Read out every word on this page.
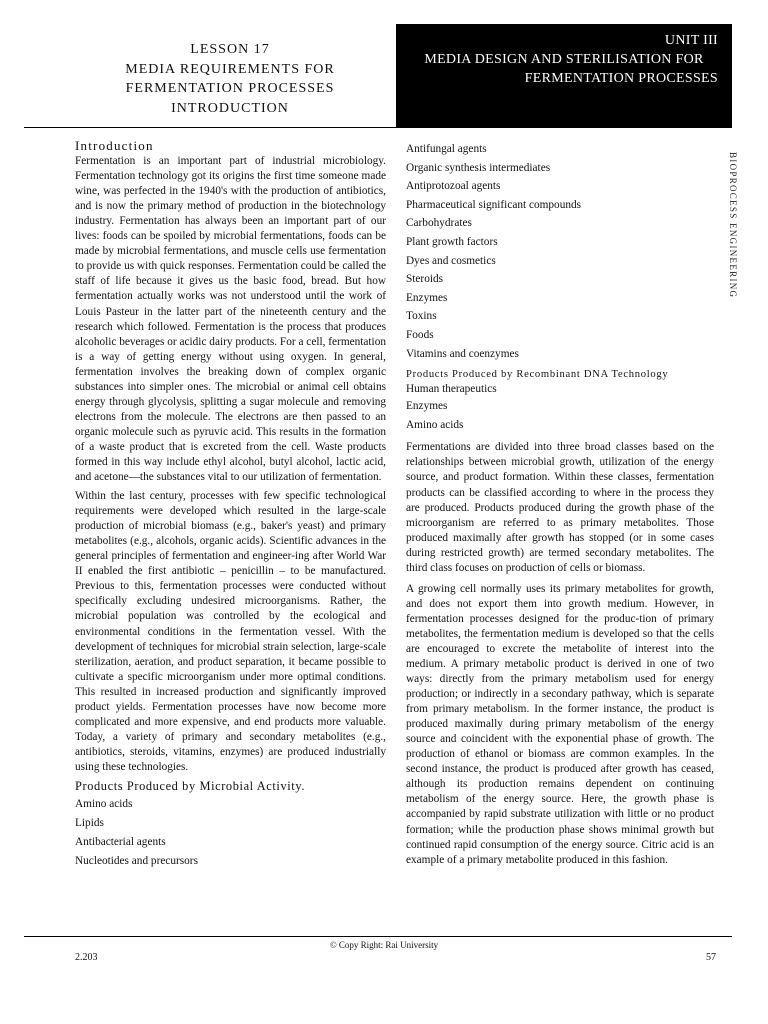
LESSON 17
MEDIA REQUIREMENTS FOR
FERMENTATION PROCESSES
INTRODUCTION
UNIT III
MEDIA DESIGN AND STERILISATION FOR
FERMENTATION PROCESSES
BIOPROCESS ENGINEERING
Introduction

Fermentation is an important part of industrial microbiology. Fermentation technology got its origins the first time someone made wine, was perfected in the 1940's with the production of antibiotics, and is now the primary method of production in the biotechnology industry. Fermentation has always been an important part of our lives: foods can be spoiled by microbial fermentations, foods can be made by microbial fermentations, and muscle cells use fermentation to provide us with quick responses. Fermentation could be called the staff of life because it gives us the basic food, bread. But how fermentation actually works was not understood until the work of Louis Pasteur in the latter part of the nineteenth century and the research which followed. Fermentation is the process that produces alcoholic beverages or acidic dairy products. For a cell, fermentation is a way of getting energy without using oxygen. In general, fermentation involves the breaking down of complex organic substances into simpler ones. The microbial or animal cell obtains energy through glycolysis, splitting a sugar molecule and removing electrons from the molecule. The electrons are then passed to an organic molecule such as pyruvic acid. This results in the formation of a waste product that is excreted from the cell. Waste products formed in this way include ethyl alcohol, butyl alcohol, lactic acid, and acetone—the substances vital to our utilization of fermentation.

Within the last century, processes with few specific technological requirements were developed which resulted in the large-scale production of microbial biomass (e.g., baker's yeast) and primary metabolites (e.g., alcohols, organic acids). Scientific advances in the general principles of fermentation and engineer-ing after World War II enabled the first antibiotic – penicillin – to be manufactured. Previous to this, fermentation processes were conducted without specifically excluding undesired microorganisms. Rather, the microbial population was controlled by the ecological and environmental conditions in the fermentation vessel. With the development of techniques for microbial strain selection, large-scale sterilization, aeration, and product separation, it became possible to cultivate a specific microorganism under more optimal conditions. This resulted in increased production and significantly improved product yields. Fermentation processes have now become more complicated and more expensive, and end products more valuable. Today, a variety of primary and secondary metabolites (e.g., antibiotics, steroids, vitamins, enzymes) are produced industrially using these technologies.

Products Produced by Microbial Activity.
Amino acids
Lipids
Antibacterial agents
Nucleotides and precursors
Antifungal agents
Organic synthesis intermediates
Antiprotozoal agents
Pharmaceutical significant compounds
Carbohydrates
Plant growth factors
Dyes and cosmetics
Steroids
Enzymes
Toxins
Foods
Vitamins and coenzymes
Products Produced by Recombinant DNA Technology
Human therapeutics
Enzymes
Amino acids

Fermentations are divided into three broad classes based on the relationships between microbial growth, utilization of the energy source, and product formation. Within these classes, fermentation products can be classified according to where in the process they are produced. Products produced during the growth phase of the microorganism are referred to as primary metabolites. Those produced maximally after growth has stopped (or in some cases during restricted growth) are termed secondary metabolites. The third class focuses on production of cells or biomass.

A growing cell normally uses its primary metabolites for growth, and does not export them into growth medium. However, in fermentation processes designed for the produc-tion of primary metabolites, the fermentation medium is developed so that the cells are encouraged to excrete the metabolite of interest into the medium. A primary metabolic product is derived in one of two ways: directly from the primary metabolism used for energy production; or indirectly in a secondary pathway, which is separate from primary metabolism. In the former instance, the product is produced maximally during primary metabolism of the energy source and coincident with the exponential phase of growth. The production of ethanol or biomass are common examples. In the second instance, the product is produced after growth has ceased, although its production remains dependent on continuing metabolism of the energy source. Here, the growth phase is accompanied by rapid substrate utilization with little or no product formation; while the production phase shows minimal growth but continued rapid consumption of the energy source. Citric acid is an example of a primary metabolite produced in this fashion.

© Copy Right: Rai University
2.203	57
